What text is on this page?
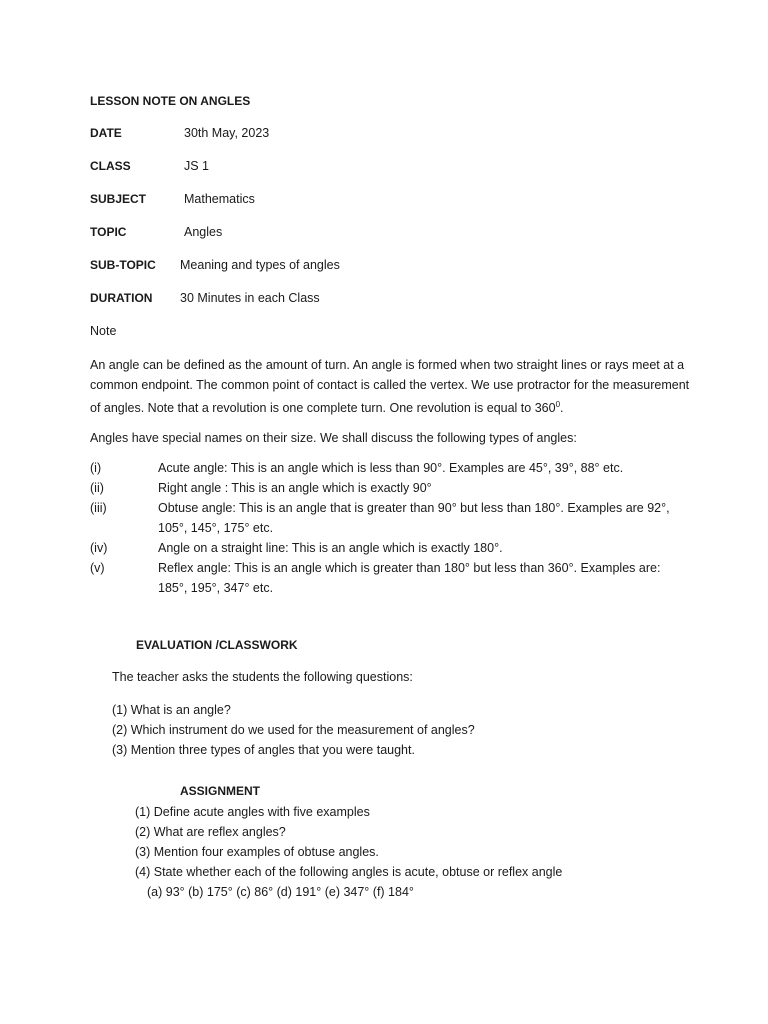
LESSON NOTE ON ANGLES
DATE	30th May, 2023
CLASS	JS 1
SUBJECT	Mathematics
TOPIC	Angles
SUB-TOPIC	Meaning and types of angles
DURATION	30 Minutes in each Class
Note

An angle can be defined as the amount of turn. An angle is formed when two straight lines or rays meet at a common endpoint. The common point of contact is called the vertex. We use protractor for the measurement of angles. Note that a revolution is one complete turn. One revolution is equal to $360^0$.

Angles have special names on their size. We shall discuss the following types of angles:

(i)	Acute angle: This is an angle which is less than 90°. Examples are 45°, 39°, 88° etc.
(ii)	Right angle : This is an angle which is exactly 90°
(iii)	Obtuse angle: This is an angle that is greater than 90° but less than 180°. Examples are 92°, 105°, 145°, 175° etc.
(iv)	Angle on a straight line: This is an angle which is exactly 180°.
(v)	Reflex angle: This is an angle which is greater than 180° but less than 360°. Examples are: 185°, 195°, 347° etc.
EVALUATION /CLASSWORK
The teacher asks the students the following questions:
(1) What is an angle?
(2) Which instrument do we used for the measurement of angles?
(3) Mention three types of angles that you were taught.
ASSIGNMENT
(1) Define acute angles with five examples
(2) What are reflex angles?
(3) Mention four examples of obtuse angles.
(4) State whether each of the following angles is acute, obtuse or reflex angle
(a) 93° (b) 175° (c) 86° (d) 191° (e) 347° (f) 184°
